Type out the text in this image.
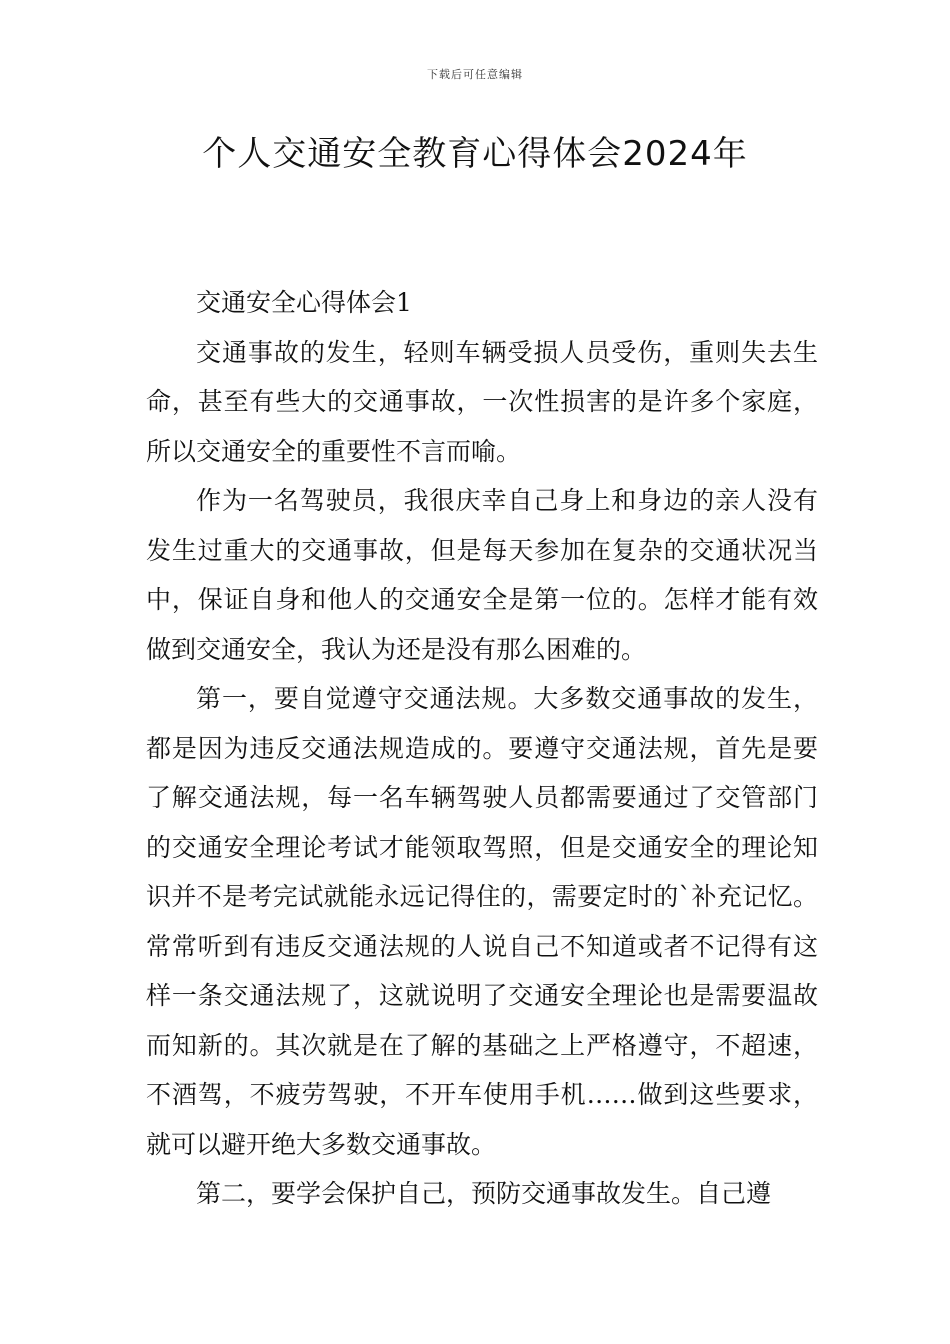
下载后可任意编辑
个人交通安全教育心得体会2024年

交通安全心得体会1

交通事故的发生，轻则车辆受损人员受伤，重则失去生命，甚至有些大的交通事故，一次性损害的是许多个家庭，所以交通安全的重要性不言而喻。

作为一名驾驶员，我很庆幸自己身上和身边的亲人没有发生过重大的交通事故，但是每天参加在复杂的交通状况当中，保证自身和他人的交通安全是第一位的。怎样才能有效做到交通安全，我认为还是没有那么困难的。

第一，要自觉遵守交通法规。大多数交通事故的发生，都是因为违反交通法规造成的。要遵守交通法规，首先是要了解交通法规，每一名车辆驾驶人员都需要通过了交管部门的交通安全理论考试才能领取驾照，但是交通安全的理论知识并不是考完试就能永远记得住的，需要定时的`补充记忆。常常听到有违反交通法规的人说自己不知道或者不记得有这样一条交通法规了，这就说明了交通安全理论也是需要温故而知新的。其次就是在了解的基础之上严格遵守，不超速，不酒驾，不疲劳驾驶，不开车使用手机……做到这些要求，就可以避开绝大多数交通事故。

第二，要学会保护自己，预防交通事故发生。自己遵
